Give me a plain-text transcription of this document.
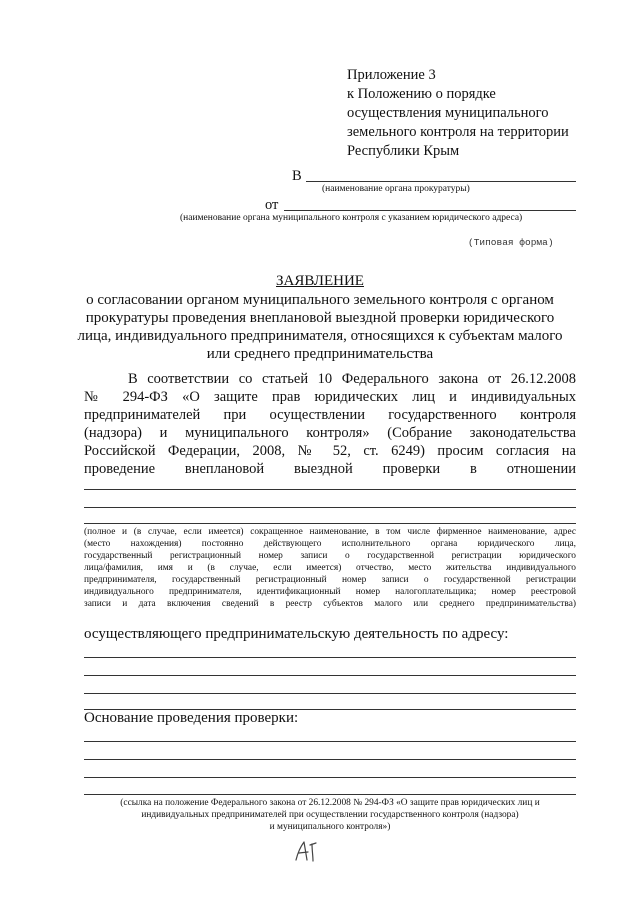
Приложение 3
к Положению о порядке
осуществления муниципального
земельного контроля на территории
Республики Крым
В
(наименование органа прокуратуры)
от
(наименование органа муниципального контроля с указанием юридического адреса)
(Типовая форма)
ЗАЯВЛЕНИЕ
о согласовании органом муниципального земельного контроля с органом
прокуратуры проведения внеплановой выездной проверки юридического
лица, индивидуального предпринимателя, относящихся к субъектам малого
или среднего предпринимательства
В соответствии со статьей 10 Федерального закона от 26.12.2008
№ 294-ФЗ «О защите прав юридических лиц и индивидуальных
предпринимателей при осуществлении государственного контроля
(надзора) и муниципального контроля» (Собрание законодательства
Российской Федерации, 2008, № 52, ст. 6249) просим согласия на
проведение внеплановой выездной проверки в отношении
(полное и (в случае, если имеется) сокращенное наименование, в том числе фирменное наименование, адрес
(место нахождения) постоянно действующего исполнительного органа юридического лица,
государственный регистрационный номер записи о государственной регистрации юридического
лица/фамилия, имя и (в случае, если имеется) отчество, место жительства индивидуального
предпринимателя, государственный регистрационный номер записи о государственной регистрации
индивидуального предпринимателя, идентификационный номер налогоплательщика; номер реестровой
записи и дата включения сведений в реестр субъектов малого или среднего предпринимательства)
осуществляющего предпринимательскую деятельность по адресу:
Основание проведения проверки:
(ссылка на положение Федерального закона от 26.12.2008 № 294-ФЗ «О защите прав юридических лиц и
индивидуальных предпринимателей при осуществлении государственного контроля (надзора)
и муниципального контроля»)
